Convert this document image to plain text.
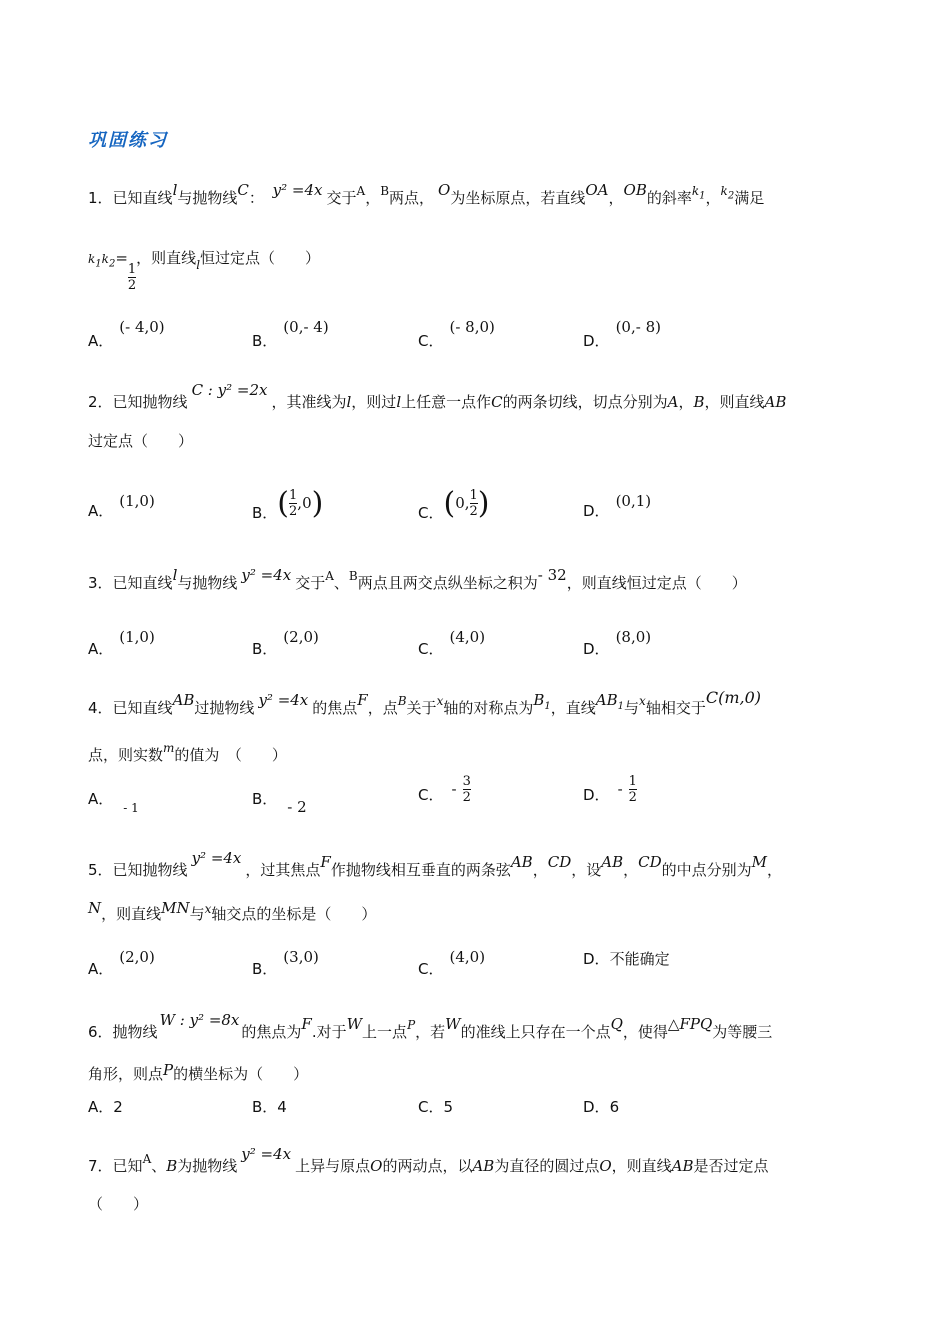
巩固练习
1．已知直线l与抛物线C： y² =4x 交于$^A$，$^B$两点， O为坐标原点，若直线OA，OB的斜率$^{k_1}$，$^{k_2}$满足
$k_1k_2=$
$\frac{1}{2}$
，则直线$_l$恒过定点（　　）
A．(- 4,0)
B．(0,- 4)
C．(- 8,0)
D．(0,- 8)
2．已知抛物线C : y² =2x，其准线为l，则过l上任意一点作C的两条切线，切点分别为A，B，则直线AB
过定点（　　）
A．(1,0)
B．( $\frac{1}{2} ,0$)	C．(0, $\frac{1}{2}$ )	D．(0,1)
3．已知直线l与抛物线 y² =4x 交于$^A$、$^B$两点且两交点纵坐标之积为- 32，则直线恒过定点（　　）
A．(1,0)
B．(2,0)
C．(4,0)
D．(8,0)
4．已知直线AB过抛物线 y² =4x 的焦点F，点$^B$关于$^x$轴的对称点为$B_1$，直线$AB_1$与$^x$轴相交于C(m,0)
点，则实数$^m$的值为　（　　）
A． $_{- 1}$	B． - 2
C． - $\frac{3}{2}$	D． - $\frac{1}{2}$
5．已知抛物线y² =4x，过其焦点F作抛物线相互垂直的两条弦AB，CD，设AB，CD的中点分别为M，
N，则直线MN与$^x$轴交点的坐标是（　　）
A．(2,0)
B．(3,0)
C．(4,0)	D．不能确定
6．抛物线W : y² =8x的焦点为F.对于W上一点$^P$，若W的准线上只存在一个点Q，使得△FPQ为等腰三
角形，则点P的横坐标为（　　）
A．2	B．4	C．5	D．6
7．已知$^A$、B为抛物线y² =4x上异与原点O的两动点，以AB为直径的圆过点O，则直线AB是否过定点
（　　）
